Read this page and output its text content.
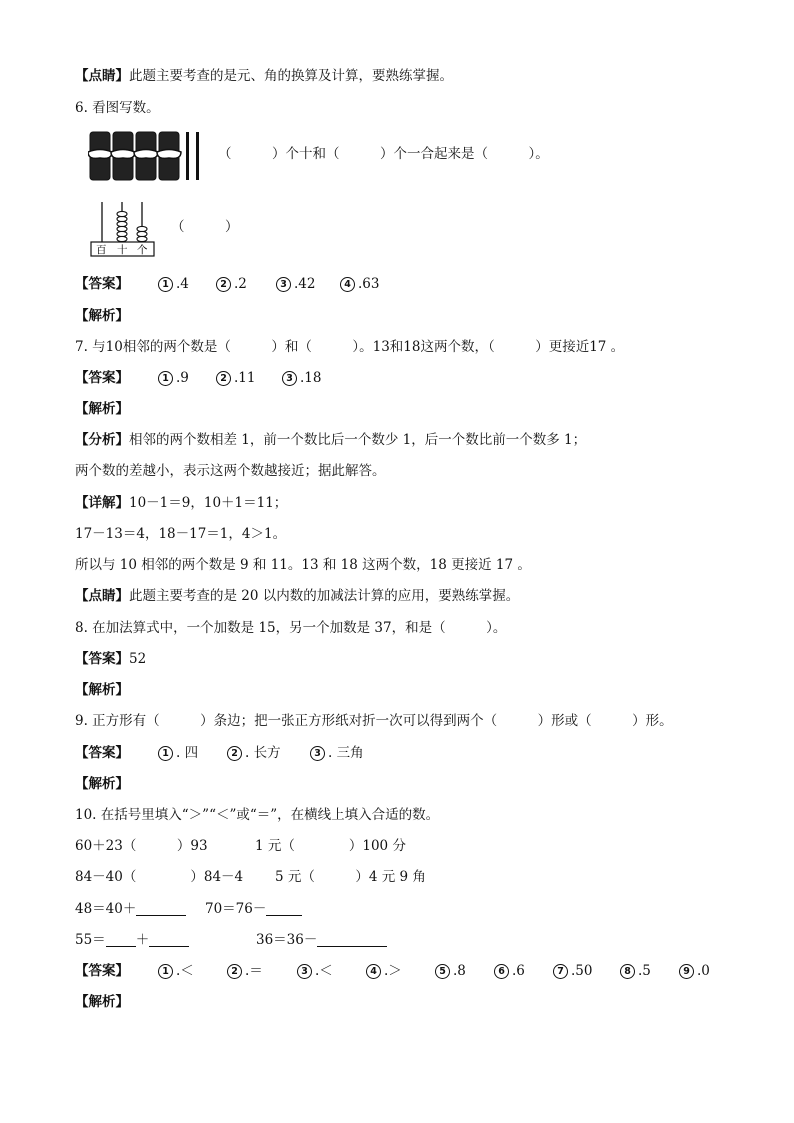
【点睛】此题主要考查的是元、角的换算及计算，要熟练掌握。
6. 看图写数。
（　　　）个十和（　　　）个一合起来是（　　　）。
百 十 个
（　　　）
【答案】	1 .4	2 .2	3 .42	4 .63
【解析】
7. 与10相邻的两个数是（　　　）和（　　　）。13和18这两个数，（　　　）更接近17 。
【答案】	1 .9	2 .11	3 .18
【解析】
【分析】相邻的两个数相差 1，前一个数比后一个数少 1，后一个数比前一个数多 1；
两个数的差越小，表示这两个数越接近；据此解答。
【详解】10－1＝9，10＋1＝11；
17－13＝4，18－17＝1，4＞1。
所以与 10 相邻的两个数是 9 和 11。13 和 18 这两个数，18 更接近 17 。
【点睛】此题主要考查的是 20 以内数的加减法计算的应用，要熟练掌握。
8. 在加法算式中，一个加数是 15，另一个加数是 37，和是（　　　）。
【答案】52
【解析】
9. 正方形有（　　　）条边；把一张正方形纸对折一次可以得到两个（　　　）形或（　　　）形。
【答案】	1 . 四	2 . 长方	3 . 三角
【解析】
10. 在括号里填入“＞”“＜”或“＝”，在横线上填入合适的数。
60＋23（　　　）93	1 元（　　　　）100 分
84－40（　　　　）84－4 5 元（　　　）4 元 9 角
48＝40＋	70＝76－
55＝ ＋	36＝36－
【答案】	1 .＜	2 .＝	3 .＜	4 .＞	5 .8	6 .6	7 .50	8 .5	9 .0
【解析】
